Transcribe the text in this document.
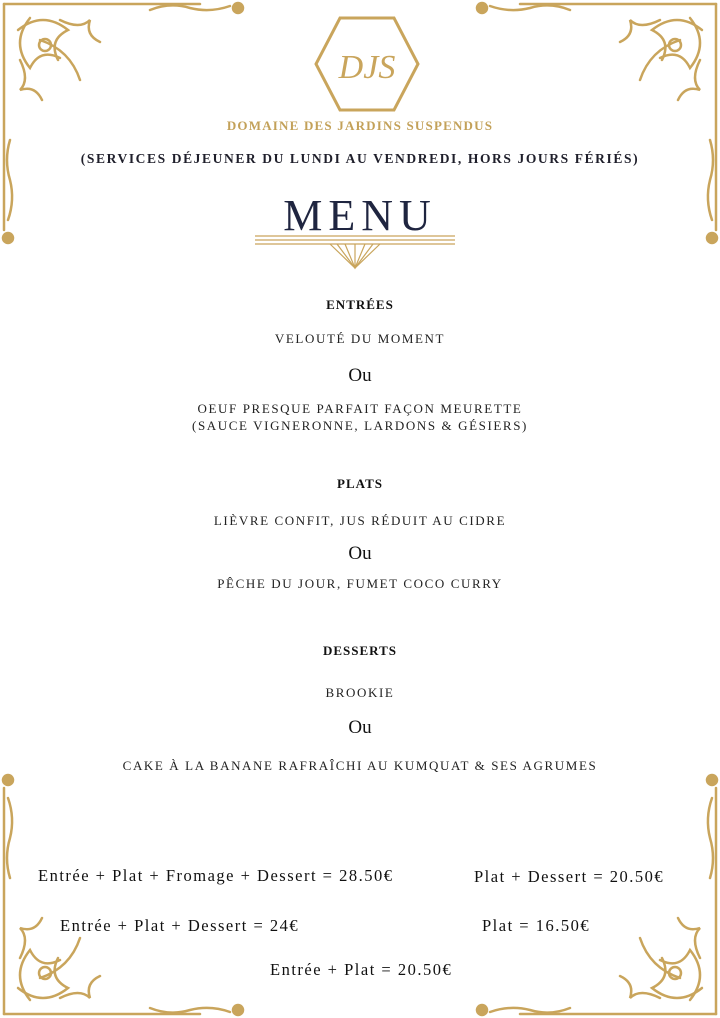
DJS
DOMAINE DES JARDINS SUSPENDUS
(SERVICES DÉJEUNER DU LUNDI AU VENDREDI, HORS JOURS FÉRIÉS)
MENU
ENTRÉES
VELOUTÉ DU MOMENT
Ou
OEUF PRESQUE PARFAIT FAÇON MEURETTE
(SAUCE VIGNERONNE, LARDONS & GÉSIERS)
PLATS
LIÈVRE CONFIT, JUS RÉDUIT AU CIDRE
Ou
PÊCHE DU JOUR, FUMET COCO CURRY
DESSERTS
BROOKIE
Ou
CAKE À LA BANANE RAFRAÎCHI AU KUMQUAT & SES AGRUMES
Entrée + Plat + Fromage + Dessert = 28.50€	Plat + Dessert = 20.50€
Entrée + Plat + Dessert = 24€	Plat = 16.50€
Entrée + Plat = 20.50€
